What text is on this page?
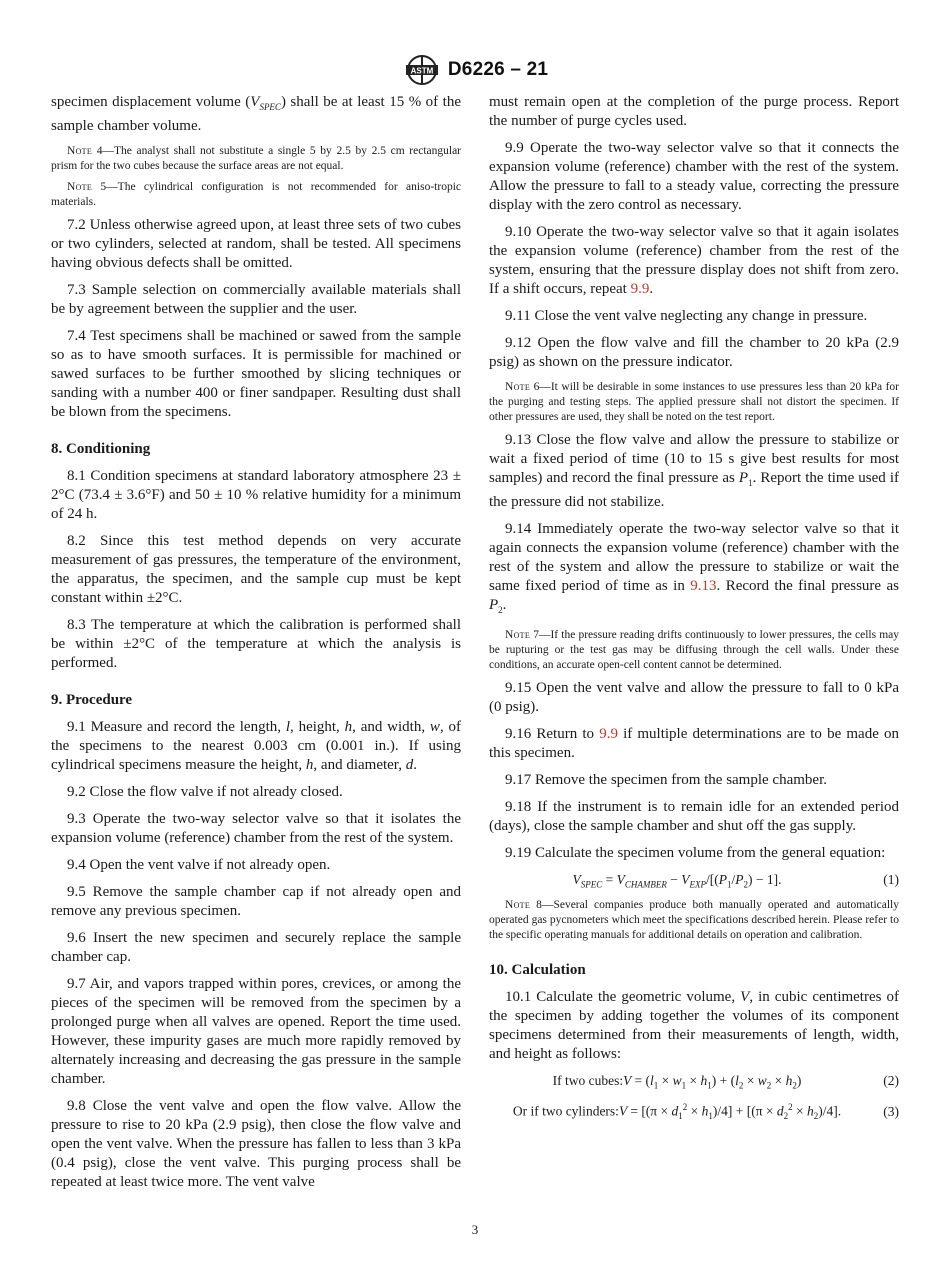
ASTM D6226 – 21

specimen displacement volume $(V_{SPEC})$ shall be at least 15 % of the sample chamber volume.

Note 4—The analyst shall not substitute a single 5 by 2.5 by 2.5 cm rectangular prism for the two cubes because the surface areas are not equal.

Note 5—The cylindrical configuration is not recommended for aniso-tropic materials.

7.2 Unless otherwise agreed upon, at least three sets of two cubes or two cylinders, selected at random, shall be tested. All specimens having obvious defects shall be omitted.

7.3 Sample selection on commercially available materials shall be by agreement between the supplier and the user.

7.4 Test specimens shall be machined or sawed from the sample so as to have smooth surfaces. It is permissible for machined or sawed surfaces to be further smoothed by slicing techniques or sanding with a number 400 or finer sandpaper. Resulting dust shall be blown from the specimens.

8. Conditioning

8.1 Condition specimens at standard laboratory atmosphere 23 ± 2°C (73.4 ± 3.6°F) and 50 ± 10 % relative humidity for a minimum of 24 h.

8.2 Since this test method depends on very accurate measurement of gas pressures, the temperature of the environment, the apparatus, the specimen, and the sample cup must be kept constant within ±2°C.

8.3 The temperature at which the calibration is performed shall be within ±2°C of the temperature at which the analysis is performed.

9. Procedure

9.1 Measure and record the length, l, height, h, and width, w, of the specimens to the nearest 0.003 cm (0.001 in.). If using cylindrical specimens measure the height, h, and diameter, d.

9.2 Close the flow valve if not already closed.

9.3 Operate the two-way selector valve so that it isolates the expansion volume (reference) chamber from the rest of the system.

9.4 Open the vent valve if not already open.

9.5 Remove the sample chamber cap if not already open and remove any previous specimen.

9.6 Insert the new specimen and securely replace the sample chamber cap.

9.7 Air, and vapors trapped within pores, crevices, or among the pieces of the specimen will be removed from the specimen by a prolonged purge when all valves are opened. Report the time used. However, these impurity gases are much more rapidly removed by alternately increasing and decreasing the gas pressure in the sample chamber.

9.8 Close the vent valve and open the flow valve. Allow the pressure to rise to 20 kPa (2.9 psig), then close the flow valve and open the vent valve. When the pressure has fallen to less than 3 kPa (0.4 psig), close the vent valve. This purging process shall be repeated at least twice more. The vent valve

must remain open at the completion of the purge process. Report the number of purge cycles used.

9.9 Operate the two-way selector valve so that it connects the expansion volume (reference) chamber with the rest of the system. Allow the pressure to fall to a steady value, correcting the pressure display with the zero control as necessary.

9.10 Operate the two-way selector valve so that it again isolates the expansion volume (reference) chamber from the rest of the system, ensuring that the pressure display does not shift from zero. If a shift occurs, repeat 9.9.

9.11 Close the vent valve neglecting any change in pressure.

9.12 Open the flow valve and fill the chamber to 20 kPa (2.9 psig) as shown on the pressure indicator.

Note 6—It will be desirable in some instances to use pressures less than 20 kPa for the purging and testing steps. The applied pressure shall not distort the specimen. If other pressures are used, they shall be noted on the test report.

9.13 Close the flow valve and allow the pressure to stabilize or wait a fixed period of time (10 to 15 s give best results for most samples) and record the final pressure as $P_1$. Report the time used if the pressure did not stabilize.

9.14 Immediately operate the two-way selector valve so that it again connects the expansion volume (reference) chamber with the rest of the system and allow the pressure to stabilize or wait the same fixed period of time as in 9.13. Record the final pressure as $P_2$.

Note 7—If the pressure reading drifts continuously to lower pressures, the cells may be rupturing or the test gas may be diffusing through the cell walls. Under these conditions, an accurate open-cell content cannot be determined.

9.15 Open the vent valve and allow the pressure to fall to 0 kPa (0 psig).

9.16 Return to 9.9 if multiple determinations are to be made on this specimen.

9.17 Remove the specimen from the sample chamber.

9.18 If the instrument is to remain idle for an extended period (days), close the sample chamber and shut off the gas supply.

9.19 Calculate the specimen volume from the general equation:

$V_{SPEC} = V_{CHAMBER} - V_{EXP}/[(P_1/P_2) - 1]$.	(1)

Note 8—Several companies produce both manually operated and automatically operated gas pycnometers which meet the specifications described herein. Please refer to the specific operating manuals for additional details on operation and calibration.

10. Calculation

10.1 Calculate the geometric volume, V, in cubic centimetres of the specimen by adding together the volumes of its component specimens determined from their measurements of length, width, and height as follows:

If two cubes:V = $(l_1 \times w_1 \times h_1) + (l_2 \times w_2 \times h_2)$	(2)
Or if two cylinders:V = $[(\pi \times d_1^2 \times h_1)/4] + [(\pi \times d_2^2 \times h_2)/4]$.	(3)
3
